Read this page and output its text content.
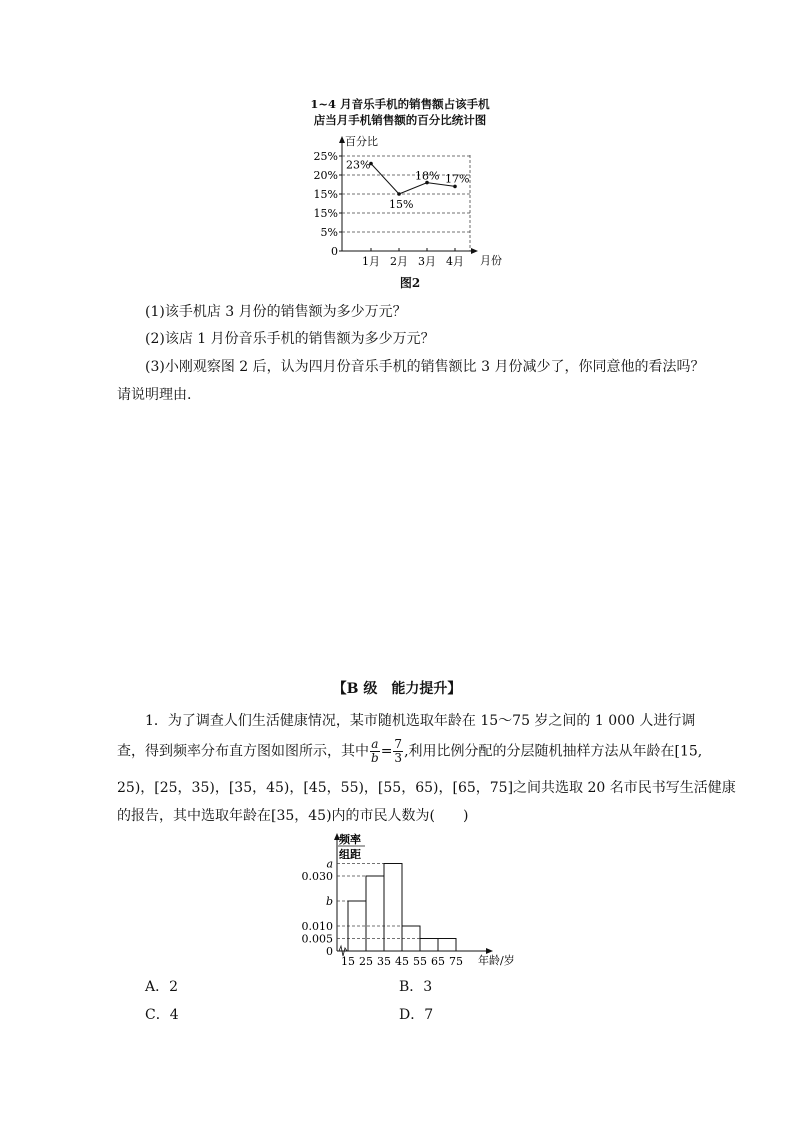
1~4 月音乐手机的销售额占该手机
店当月手机销售额的百分比统计图
百分比
月份
0
5%
15%
15%
20%
25%
1月 2月 3月 4月
23%
15%
18% 17%
图2
(1)该手机店 3 月份的销售额为多少万元？
(2)该店 1 月份音乐手机的销售额为多少万元？
(3)小刚观察图 2 后，认为四月份音乐手机的销售额比 3 月份减少了，你同意他的看法吗？
请说明理由.
【B 级　能力提升】
1．为了调查人们生活健康情况，某市随机选取年龄在 15～75 岁之间的 1 000 人进行调
查，得到频率分布直方图如图所示，其中 $\frac{a}{b} = \frac{7}{3}$ ,利用比例分配的分层随机抽样方法从年龄在[15,
25)，[25，35)，[35，45)，[45，55)，[55，65)，[65，75]之间共选取 20 名市民书写生活健康
的报告，其中选取年龄在[35，45)内的市民人数为(　　)
频率
组距
年龄/岁
0
0.005
0.010
b
0.030
a
15 25 35 45 55 65 75
A．2	B．3
C．4	D．7
